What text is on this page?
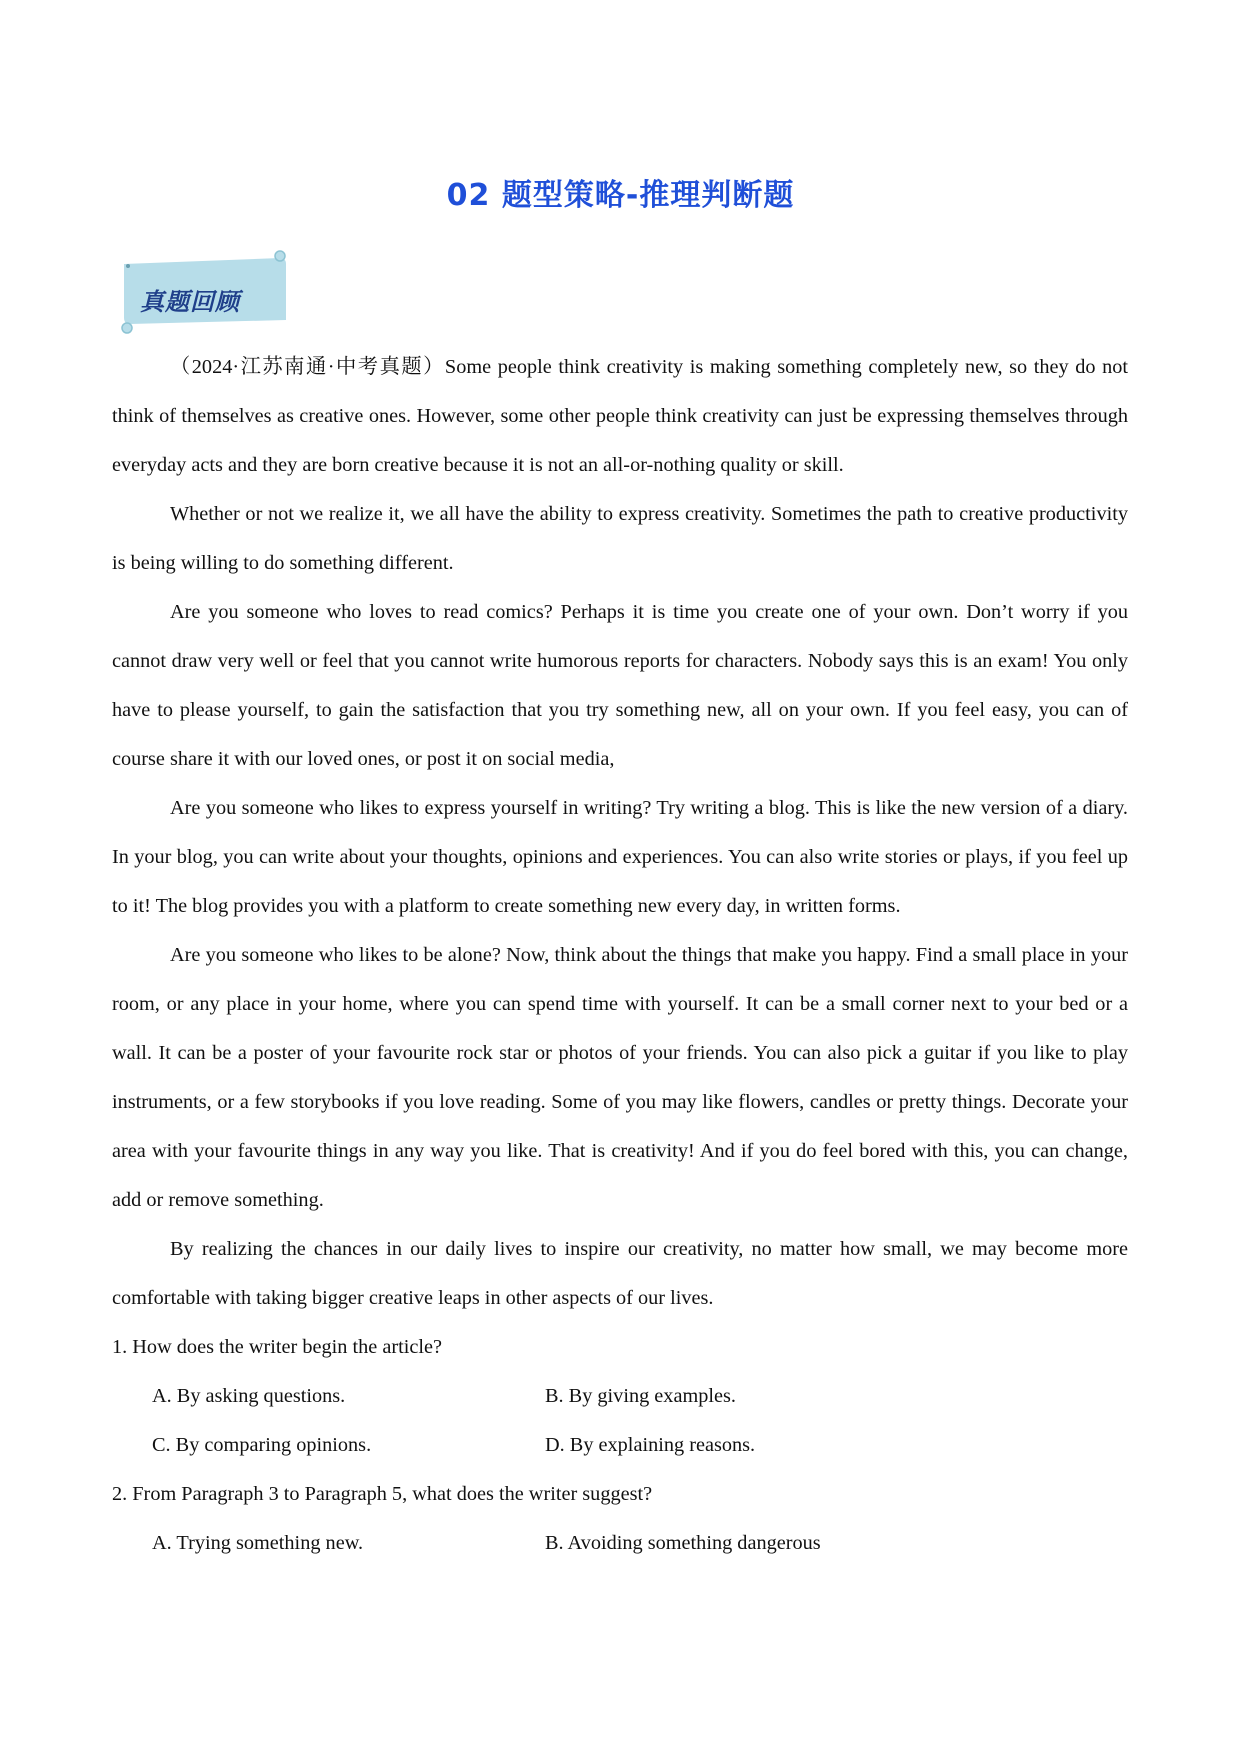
02 题型策略-推理判断题
真题回顾

（2024·江苏南通·中考真题）Some people think creativity is making something completely new, so they do not think of themselves as creative ones. However, some other people think creativity can just be expressing themselves through everyday acts and they are born creative because it is not an all-or-nothing quality or skill.

Whether or not we realize it, we all have the ability to express creativity. Sometimes the path to creative productivity is being willing to do something different.

Are you someone who loves to read comics? Perhaps it is time you create one of your own. Don’t worry if you cannot draw very well or feel that you cannot write humorous reports for characters. Nobody says this is an exam! You only have to please yourself, to gain the satisfaction that you try something new, all on your own. If you feel easy, you can of course share it with our loved ones, or post it on social media,

Are you someone who likes to express yourself in writing? Try writing a blog. This is like the new version of a diary. In your blog, you can write about your thoughts, opinions and experiences. You can also write stories or plays, if you feel up to it! The blog provides you with a platform to create something new every day, in written forms.

Are you someone who likes to be alone? Now, think about the things that make you happy. Find a small place in your room, or any place in your home, where you can spend time with yourself. It can be a small corner next to your bed or a wall. It can be a poster of your favourite rock star or photos of your friends. You can also pick a guitar if you like to play instruments, or a few storybooks if you love reading. Some of you may like flowers, candles or pretty things. Decorate your area with your favourite things in any way you like. That is creativity! And if you do feel bored with this, you can change, add or remove something.

By realizing the chances in our daily lives to inspire our creativity, no matter how small, we may become more comfortable with taking bigger creative leaps in other aspects of our lives.

1. How does the writer begin the article?
A. By asking questions.	B. By giving examples.
C. By comparing opinions.	D. By explaining reasons.
2. From Paragraph 3 to Paragraph 5, what does the writer suggest?
A. Trying something new.	B. Avoiding something dangerous
